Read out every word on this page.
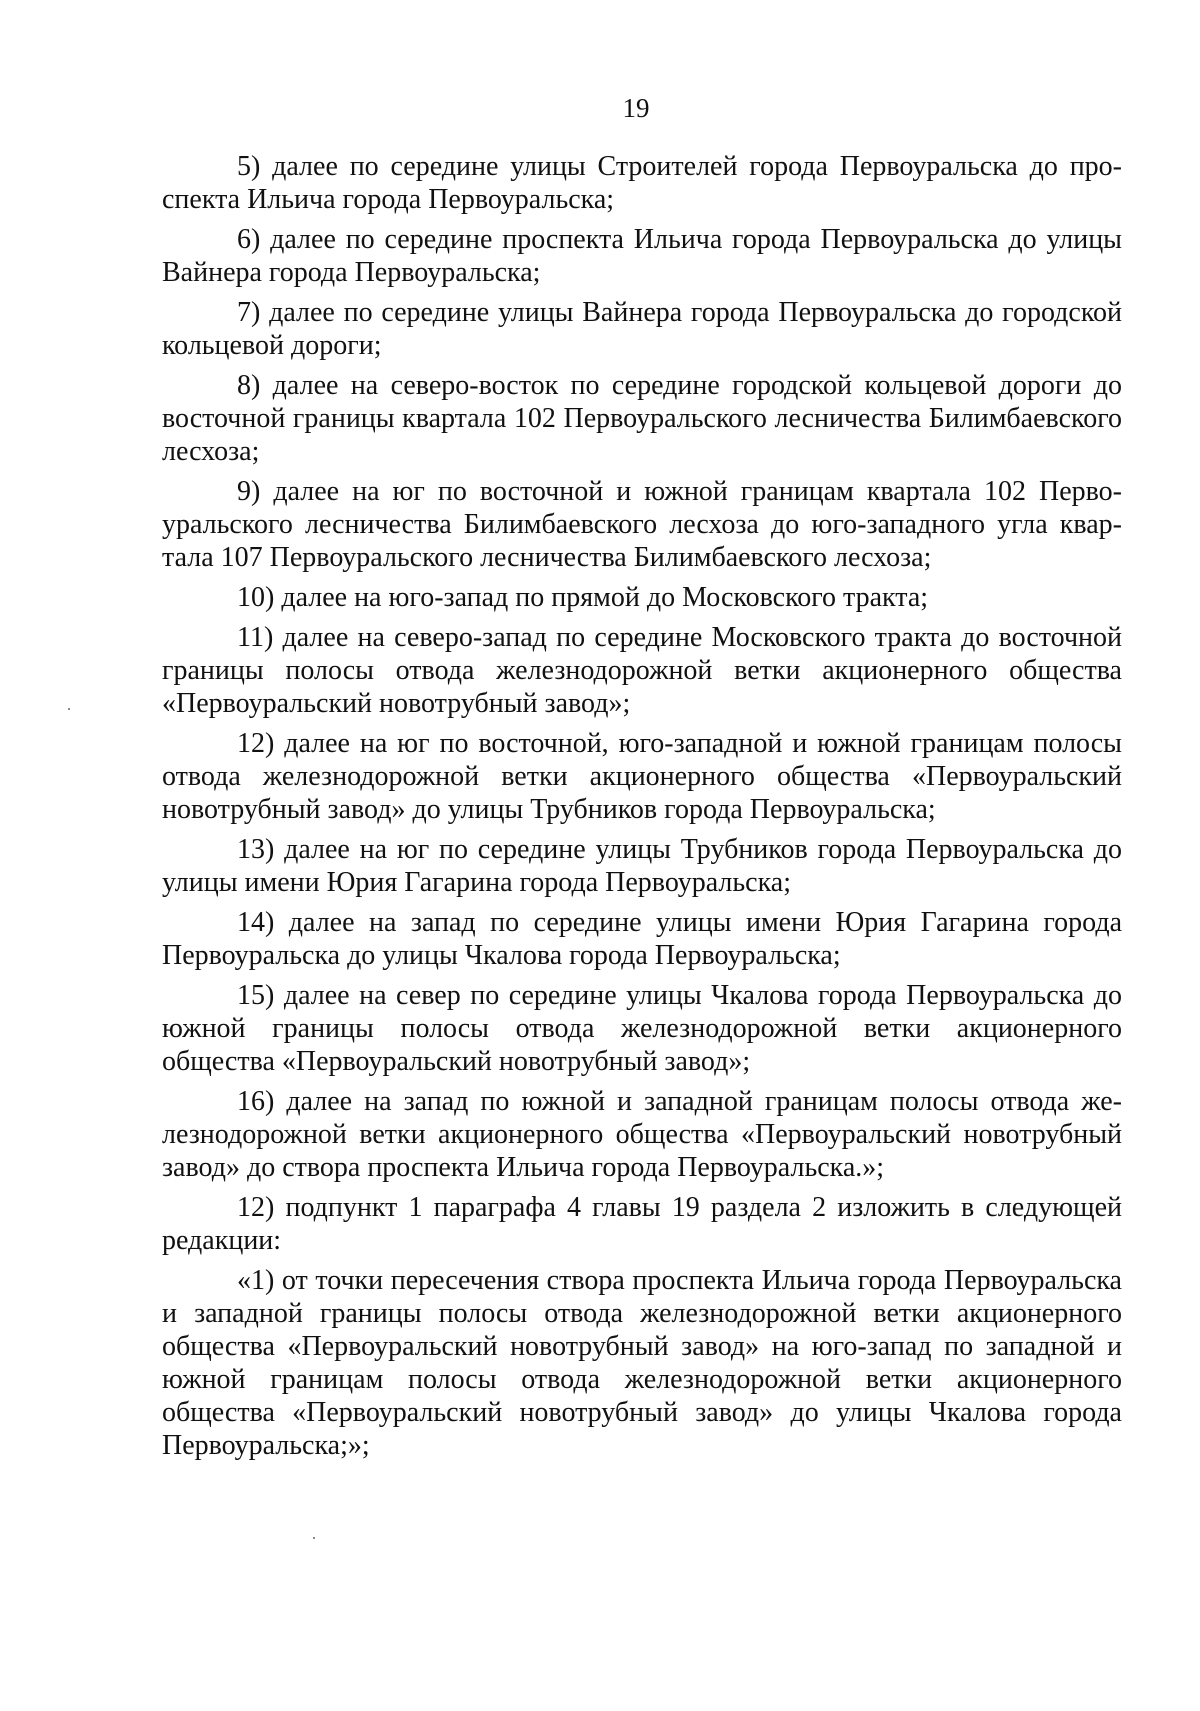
19

5) далее по середине улицы Строителей города Первоуральска до проспекта Ильича города Первоуральска;

6) далее по середине проспекта Ильича города Первоуральска до улицы Вайнера города Первоуральска;

7) далее по середине улицы Вайнера города Первоуральска до городской кольцевой дороги;

8) далее на северо-восток по середине городской кольцевой дороги до восточной границы квартала 102 Первоуральского лесничества Билимбаевского лесхоза;

9) далее на юг по восточной и южной границам квартала 102 Первоуральского лесничества Билимбаевского лесхоза до юго-западного угла квартала 107 Первоуральского лесничества Билимбаевского лесхоза;

10) далее на юго-запад по прямой до Московского тракта;

11) далее на северо-запад по середине Московского тракта до восточной границы полосы отвода железнодорожной ветки акционерного общества «Первоуральский новотрубный завод»;

12) далее на юг по восточной, юго-западной и южной границам полосы отвода железнодорожной ветки акционерного общества «Первоуральский новотрубный завод» до улицы Трубников города Первоуральска;

13) далее на юг по середине улицы Трубников города Первоуральска до улицы имени Юрия Гагарина города Первоуральска;

14) далее на запад по середине улицы имени Юрия Гагарина города Первоуральска до улицы Чкалова города Первоуральска;

15) далее на север по середине улицы Чкалова города Первоуральска до южной границы полосы отвода железнодорожной ветки акционерного общества «Первоуральский новотрубный завод»;

16) далее на запад по южной и западной границам полосы отвода железнодорожной ветки акционерного общества «Первоуральский новотрубный завод» до створа проспекта Ильича города Первоуральска.»;

12) подпункт 1 параграфа 4 главы 19 раздела 2 изложить в следующей редакции:

«1) от точки пересечения створа проспекта Ильича города Первоуральска и западной границы полосы отвода железнодорожной ветки акционерного общества «Первоуральский новотрубный завод» на юго-запад по западной и южной границам полосы отвода железнодорожной ветки акционерного общества «Первоуральский новотрубный завод» до улицы Чкалова города Первоуральска;»;
